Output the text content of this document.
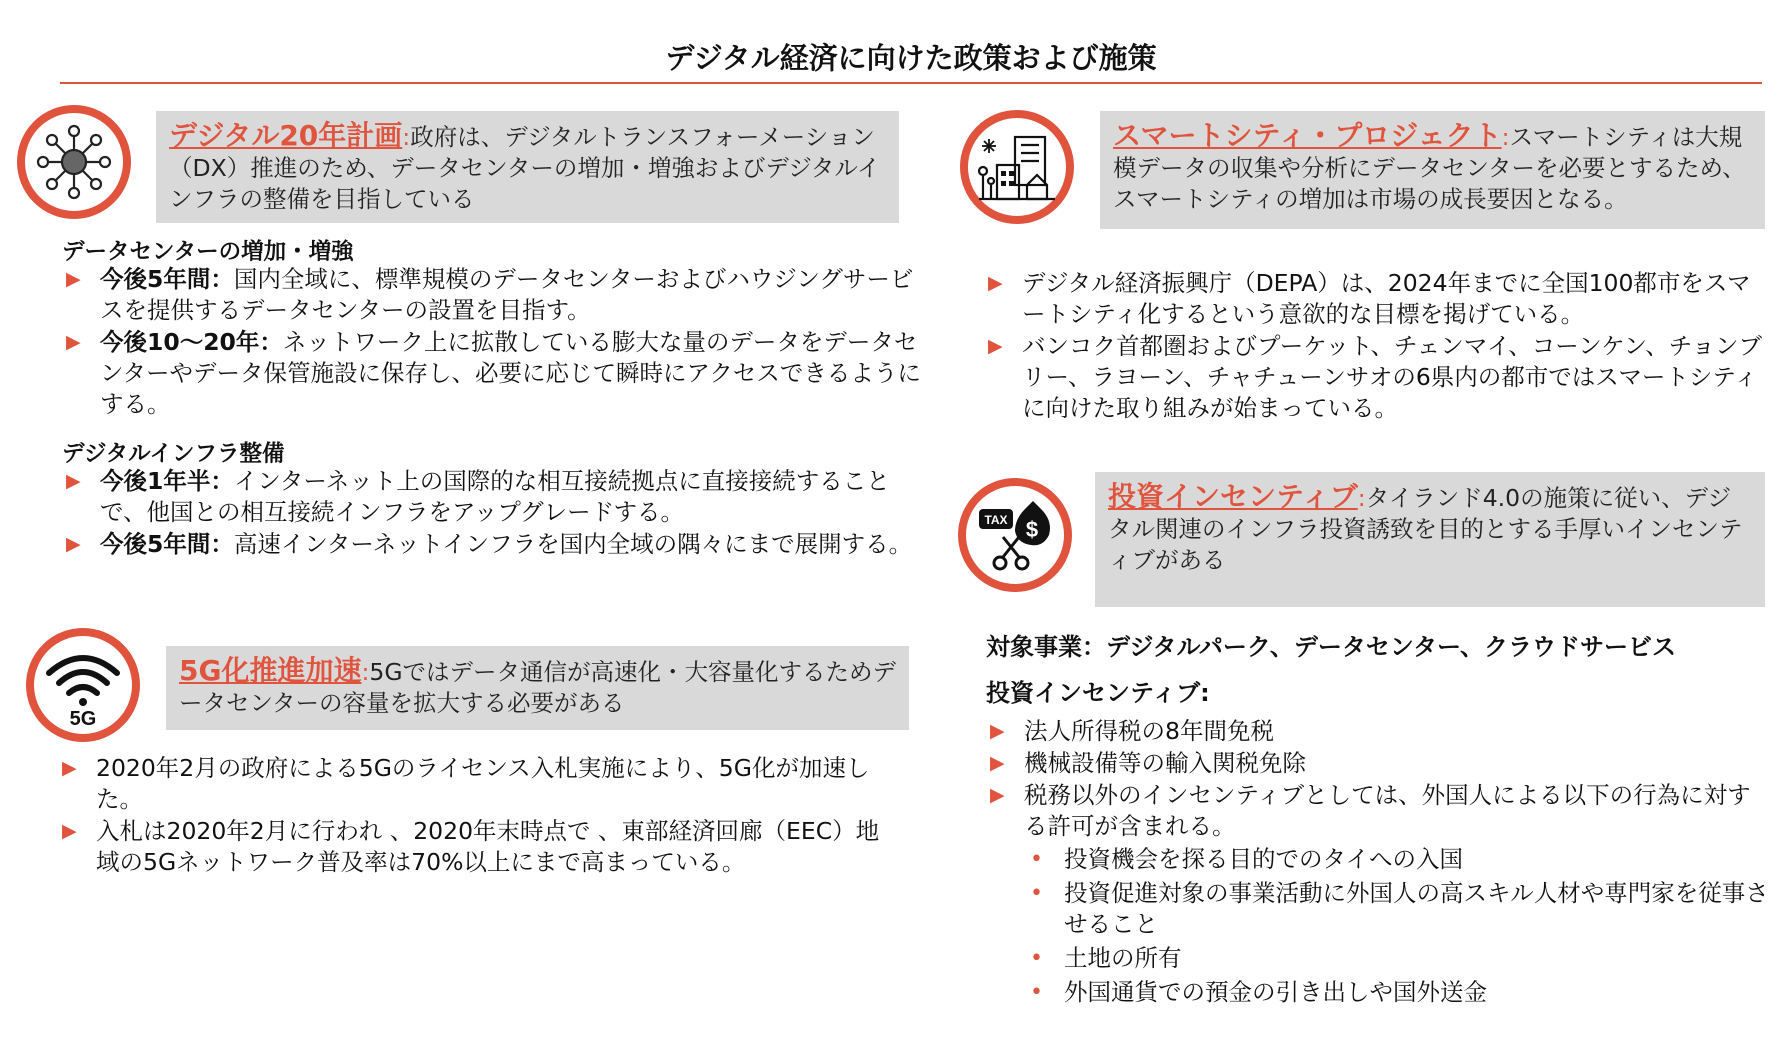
デジタル経済に向けた政策および施策
デジタル20年計画:政府は、デジタルトランスフォーメーション（DX）推進のため、データセンターの増加・増強およびデジタルインフラの整備を目指している
データセンターの増加・増強
▶ 今後5年間：国内全域に、標準規模のデータセンターおよびハウジングサービスを提供するデータセンターの設置を目指す。
▶ 今後10～20年：ネットワーク上に拡散している膨大な量のデータをデータセンターやデータ保管施設に保存し、必要に応じて瞬時にアクセスできるようにする。
デジタルインフラ整備
▶ 今後1年半：インターネット上の国際的な相互接続拠点に直接接続することで、他国との相互接続インフラをアップグレードする。
▶ 今後5年間：高速インターネットインフラを国内全域の隅々にまで展開する。
5G
5G化推進加速:5Gではデータ通信が高速化・大容量化するためデータセンターの容量を拡大する必要がある
▶ 2020年2月の政府による5Gのライセンス入札実施により、5G化が加速した。
▶ 入札は2020年2月に行われ 、2020年末時点で 、東部経済回廊（EEC）地域の5Gネットワーク普及率は70%以上にまで高まっている。
スマートシティ・プロジェクト:スマートシティは大規模データの収集や分析にデータセンターを必要とするため、スマートシティの増加は市場の成長要因となる。
▶ デジタル経済振興庁（DEPA）は、2024年までに全国100都市をスマートシティ化するという意欲的な目標を掲げている。
▶ バンコク首都圏およびプーケット、チェンマイ、コーンケン、チョンブリー、ラヨーン、チャチューンサオの6県内の都市ではスマートシティに向けた取り組みが始まっている。
TAX $
投資インセンティブ:タイランド4.0の施策に従い、デジタル関連のインフラ投資誘致を目的とする手厚いインセンティブがある
対象事業：デジタルパーク、データセンター、クラウドサービス
投資インセンティブ:
▶ 法人所得税の8年間免税
▶ 機械設備等の輸入関税免除
▶ 税務以外のインセンティブとしては、外国人による以下の行為に対する許可が含まれる。
• 投資機会を探る目的でのタイへの入国
• 投資促進対象の事業活動に外国人の高スキル人材や専門家を従事させること
• 土地の所有
• 外国通貨での預金の引き出しや国外送金
